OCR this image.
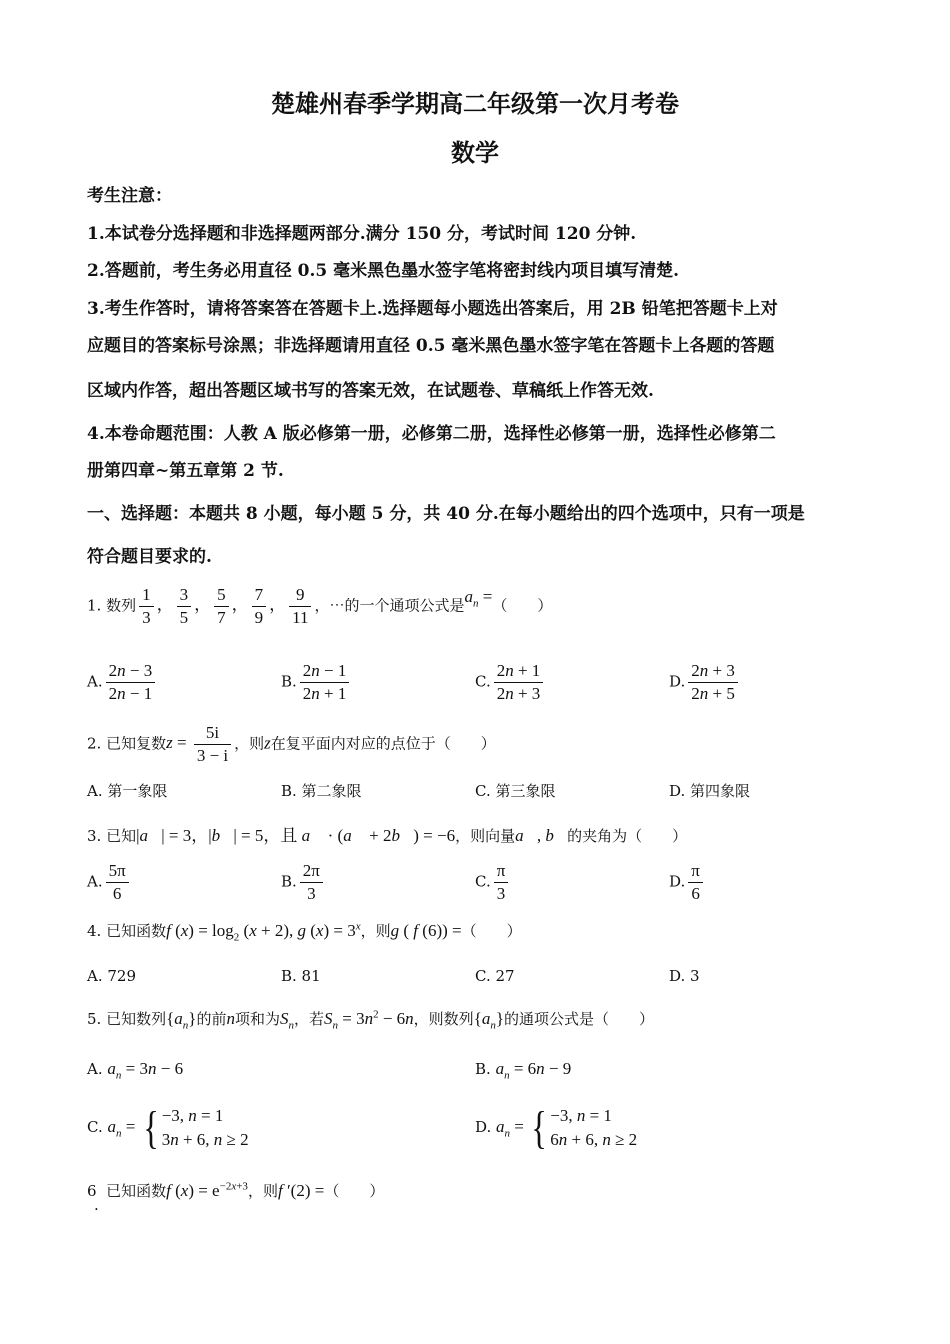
楚雄州春季学期高二年级第一次月考卷
数学
考生注意：
1.本试卷分选择题和非选择题两部分.满分 150 分，考试时间 120 分钟.
2.答题前，考生务必用直径 0.5 毫米黑色墨水签字笔将密封线内项目填写清楚.
3.考生作答时，请将答案答在答题卡上.选择题每小题选出答案后，用 2B 铅笔把答题卡上对
应题目的答案标号涂黑；非选择题请用直径 0.5 毫米黑色墨水签字笔在答题卡上各题的答题
区域内作答，超出答题区域书写的答案无效，在试题卷、草稿纸上作答无效.
4.本卷命题范围：人教 A 版必修第一册，必修第二册，选择性必修第一册，选择性必修第二
册第四章~第五章第 2 节.
一、选择题：本题共 8 小题，每小题 5 分，共 40 分.在每小题给出的四个选项中，只有一项是
符合题目要求的.
1. 数列 $\frac{1}{3}$ ， $\frac{3}{5}$ ， $\frac{5}{7}$ ， $\frac{7}{9}$ ， $\frac{9}{11}$ ，⋯的一个通项公式是$a_n$ =（　　）
A. $\frac{2n - 3}{2n - 1}$	B. $\frac{2n - 1}{2n + 1}$	C. $\frac{2n + 1}{2n + 3}$	D. $\frac{2n + 3}{2n + 5}$
2. 已知复数$z = \frac{5i}{3 - i}$ ，则z在复平面内对应的点位于（　　）
A. 第一象限	B. 第二象限	C. 第三象限	D. 第四象限
3. 已知|a⃗| = 3，|b⃗| = 5，且 a⃗ · (a⃗ + 2b⃗) = −6，则向量a⃗, b⃗的夹角为（　　）
A. $\frac{5\pi}{6}$	B. $\frac{2\pi}{3}$	C. $\frac{\pi}{3}$	D. $\frac{\pi}{6}$
4. 已知函数f $(x) = \log_2 (x + 2)$, g $(x) = 3^x$，则g ( f (6)) =（　　）
A. 729	B. 81	C. 27	D. 3
5. 已知数列$\{a_n\}$的前n项和为$S_n$，若$S_n = 3n^2 - 6n$，则数列$\{a_n\}$的通项公式是（　　）
A. $a_n = 3n - 6$	B. $a_n = 6n - 9$
C. $a_n$ = { −3, n = 1
3n + 6, n ≥ 2
D. $a_n$ = { −3, n = 1
6n + 6, n ≥ 2
6 已知函数f $(x) = e^{-2x+3}$，则f ′(2) =（　　）
.
